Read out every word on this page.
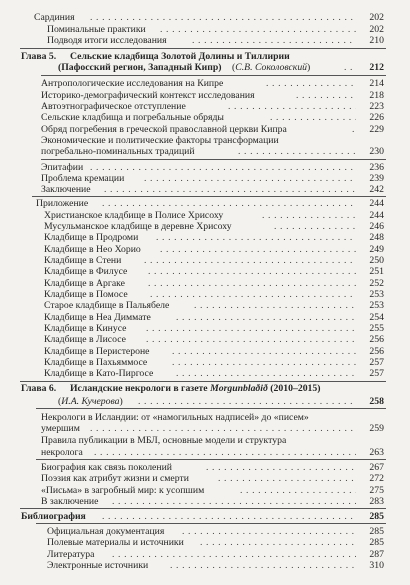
Сардиния . . .	202
Поминальные практики . . .	202
Подводя итоги исследования . . .	210
Глава 5. Сельские кладбища Золотой Долины и Тиллирии
(Пафосский регион, Западный Кипр) (С.В. Соколовский) . . .	212
Антропологические исследования на Кипре . . .	214
Историко-демографический контекст исследования . . .	218
Автоэтнографическое отступление . . .	223
Сельские кладбища и погребальные обряды . . .	226
Обряд погребения в греческой православной церкви Кипра . . .	229
Экономические и политические факторы трансформации
погребально-поминальных традиций . . .	230
Эпитафии . . .	236
Проблема кремации . . .	239
Заключение . . .	242
Приложение . . .	244
Христианское кладбище в Полисе Хрисоху . . .	244
Мусульманское кладбище в деревне Хрисоху . . .	246
Кладбище в Продроми . . .	248
Кладбище в Нео Хорио . . .	249
Кладбище в Стени . . .	250
Кладбище в Филусе . . .	251
Кладбище в Аргаке . . .	252
Кладбище в Помосе . . .	253
Старое кладбище в Пальябеле . . .	253
Кладбище в Неа Диммате . . .	254
Кладбище в Кинусе . . .	255
Кладбище в Лисосе . . .	256
Кладбище в Перистероне . . .	256
Кладбище в Пахьяммосе . . .	257
Кладбище в Като-Пиргосе . . .	257
Глава 6. Исландские некрологи в газете Morgunblaðið (2010–2015)
(И.А. Кучерова) . . .	258
Некрологи в Исландии: от «намогильных надписей» до «писем»
умершим . . .	259
Правила публикации в МБЛ, основные модели и структура
некролога . . .	263
Биография как связь поколений . . .	267
Поэзия как атрибут жизни и смерти . . .	272
«Письма» в загробный мир: к усопшим . . .	275
В заключение . . .	283
Библиография . . .	285
Официальная документация . . .	285
Полевые материалы и источники . . .	285
Литература . . .	287
Электронные источники . . .	310
